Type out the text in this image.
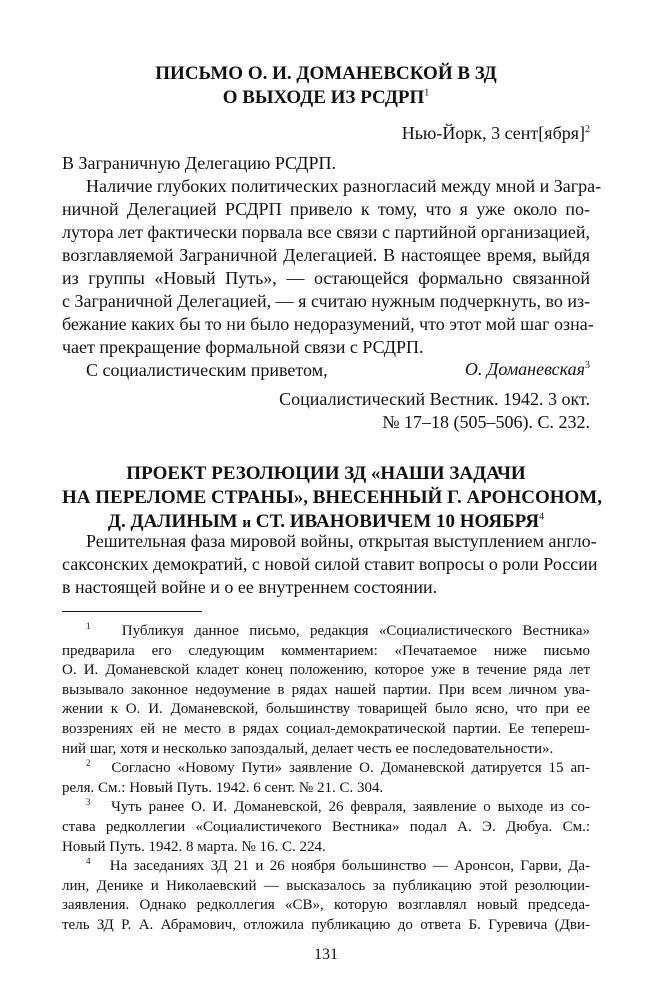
ПИСЬМО О. И. ДОМАНЕВСКОЙ В ЗД
О ВЫХОДЕ ИЗ РСДРП$^1$
Нью-Йорк, 3 сент[ября]$^2$
В Заграничную Делегацию РСДРП.
Наличие глубоких политических разногласий между мной и Загра-
ничной Делегацией РСДРП привело к тому, что я уже около по-
лутора лет фактически порвала все связи с партийной организацией,
возглавляемой Заграничной Делегацией. В настоящее время, выйдя
из группы «Новый Путь», — остающейся формально связанной
с Заграничной Делегацией, — я считаю нужным подчеркнуть, во из-
бежание каких бы то ни было недоразумений, что этот мой шаг озна-
чает прекращение формальной связи с РСДРП.
С социалистическим приветом,	О. Доманевская$^3$
Социалистический Вестник. 1942. 3 окт.
№ 17–18 (505–506). С. 232.
ПРОЕКТ РЕЗОЛЮЦИИ ЗД «НАШИ ЗАДАЧИ
НА ПЕРЕЛОМЕ СТРАНЫ», ВНЕСЕННЫЙ Г. АРОНСОНОМ,
Д. ДАЛИНЫМ и СТ. ИВАНОВИЧЕМ 10 НОЯБРЯ$^4$
Решительная фаза мировой войны, открытая выступлением англо-
саксонских демократий, с новой силой ставит вопросы о роли России
в настоящей войне и о ее внутреннем состоянии.
$^1$ Публикуя данное письмо, редакция «Социалистического Вестника»
предварила его следующим комментарием: «Печатаемое ниже письмо
О. И. Доманевской кладет конец положению, которое уже в течение ряда лет
вызывало законное недоумение в рядах нашей партии. При всем личном ува-
жении к О. И. Доманевской, большинству товарищей было ясно, что при ее
воззрениях ей не место в рядах социал-демократической партии. Ее теперeш-
ний шаг, хотя и несколько запоздалый, делает честь ее последовательности».
$^2$ Согласно «Новому Пути» заявление О. Доманевской датируется 15 ап-
реля. См.: Новый Путь. 1942. 6 сент. № 21. С. 304.
$^3$ Чуть ранее О. И. Доманевской, 26 февраля, заявление о выходе из со-
става редколлегии «Социалистичекого Вестника» подал А. Э. Дюбуа. См.:
Новый Путь. 1942. 8 марта. № 16. С. 224.
$^4$ На заседаниях ЗД 21 и 26 ноября большинство — Аронсон, Гарви, Да-
лин, Денике и Николаевский — высказалось за публикацию этой резолюции-
заявления. Однако редколлегия «СВ», которую возглавлял новый председа-
тель ЗД Р. А. Абрамович, отложила публикацию до ответа Б. Гуревича (Дви-
131
